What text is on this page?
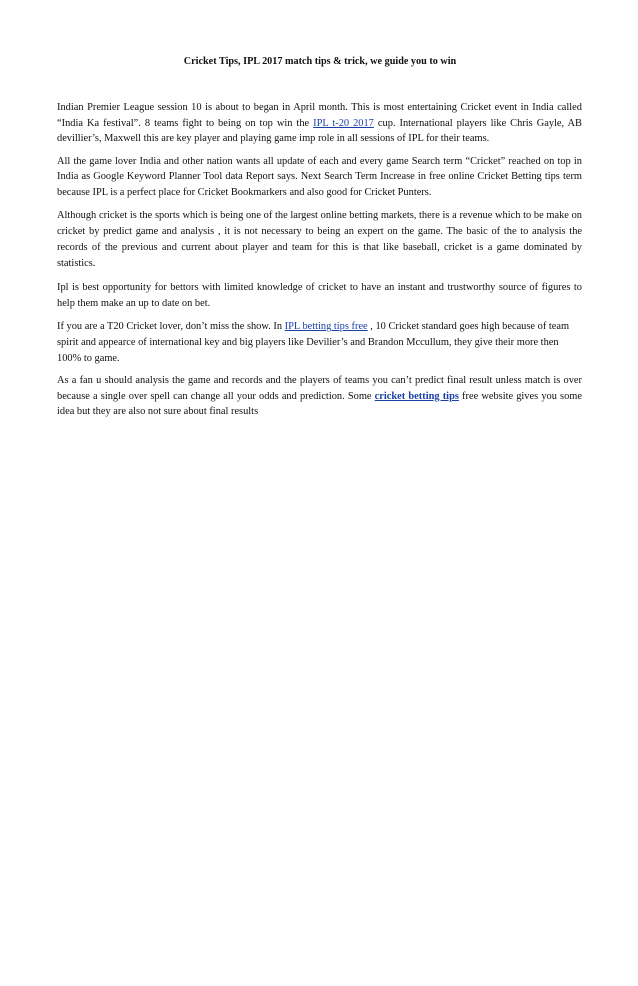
Cricket Tips, IPL 2017 match tips & trick, we guide you to win

Indian Premier League session 10 is about to began in April month. This is most entertaining Cricket event in India called “India Ka festival”. 8 teams fight to being on top win the IPL t-20 2017 cup. International players like Chris Gayle, AB devillier’s, Maxwell this are key player and playing game imp role in all sessions of IPL for their teams.

All the game lover India and other nation wants all update of each and every game Search term “Cricket” reached on top in India as Google Keyword Planner Tool data Report says. Next Search Term Increase in free online Cricket Betting tips term because IPL is a perfect place for Cricket Bookmarkers and also good for Cricket Punters.

Although cricket is the sports which is being one of the largest online betting markets, there is a revenue which to be make on cricket by predict game and analysis , it is not necessary to being an expert on the game. The basic of the to analysis the records of the previous and current about player and team for this is that like baseball, cricket is a game dominated by statistics.

Ipl is best opportunity for bettors with limited knowledge of cricket to have an instant and trustworthy source of figures to help them make an up to date on bet.

If you are a T20 Cricket lover, don’t miss the show. In IPL betting tips free , 10 Cricket standard goes high because of team spirit and appearce of international key and big players like Devilier’s and Brandon Mccullum, they give their more then 100% to game.

As a fan u should analysis the game and records and the players of teams you can’t predict final result unless match is over because a single over spell can change all your odds and prediction. Some cricket betting tips free website gives you some idea but they are also not sure about final results
